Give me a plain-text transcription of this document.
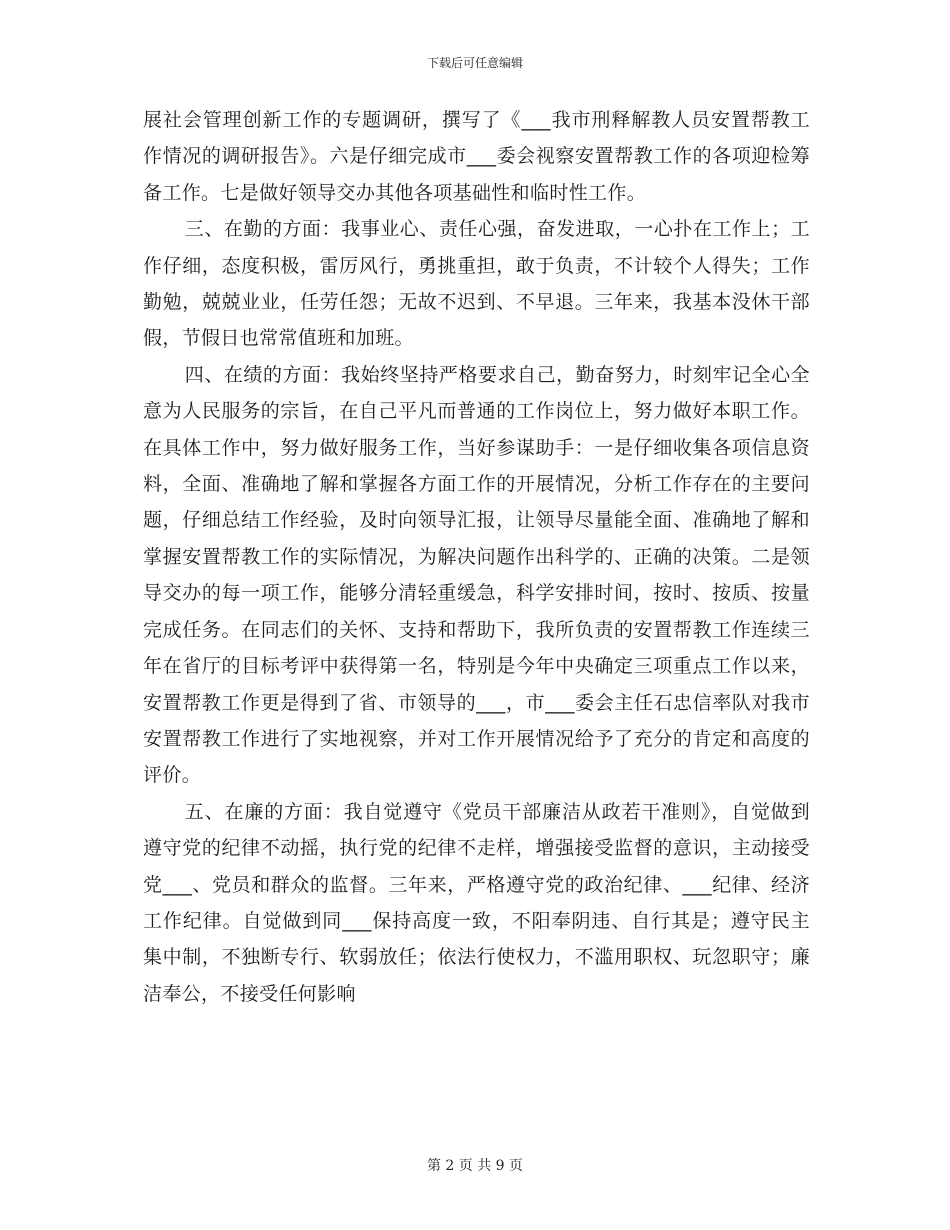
下载后可任意编辑

展社会管理创新工作的专题调研，撰写了《___我市刑释解教人员安置帮教工作情况的调研报告》。六是仔细完成市___委会视察安置帮教工作的各项迎检筹备工作。七是做好领导交办其他各项基础性和临时性工作。

三、在勤的方面：我事业心、责任心强，奋发进取，一心扑在工作上；工作仔细，态度积极，雷厉风行，勇挑重担，敢于负责，不计较个人得失；工作勤勉，兢兢业业，任劳任怨；无故不迟到、不早退。三年来，我基本没休干部假，节假日也常常值班和加班。

四、在绩的方面：我始终坚持严格要求自己，勤奋努力，时刻牢记全心全意为人民服务的宗旨，在自己平凡而普通的工作岗位上，努力做好本职工作。在具体工作中，努力做好服务工作，当好参谋助手：一是仔细收集各项信息资料，全面、准确地了解和掌握各方面工作的开展情况，分析工作存在的主要问题，仔细总结工作经验，及时向领导汇报，让领导尽量能全面、准确地了解和掌握安置帮教工作的实际情况，为解决问题作出科学的、正确的决策。二是领导交办的每一项工作，能够分清轻重缓急，科学安排时间，按时、按质、按量完成任务。在同志们的关怀、支持和帮助下，我所负责的安置帮教工作连续三年在省厅的目标考评中获得第一名，特别是今年中央确定三项重点工作以来，安置帮教工作更是得到了省、市领导的___，市___委会主任石忠信率队对我市安置帮教工作进行了实地视察，并对工作开展情况给予了充分的肯定和高度的评价。

五、在廉的方面：我自觉遵守《党员干部廉洁从政若干准则》，自觉做到遵守党的纪律不动摇，执行党的纪律不走样，增强接受监督的意识，主动接受党___、党员和群众的监督。三年来，严格遵守党的政治纪律、___纪律、经济工作纪律。自觉做到同___保持高度一致，不阳奉阴违、自行其是；遵守民主集中制，不独断专行、软弱放任；依法行使权力，不滥用职权、玩忽职守；廉洁奉公，不接受任何影响

第 2 页 共 9 页
